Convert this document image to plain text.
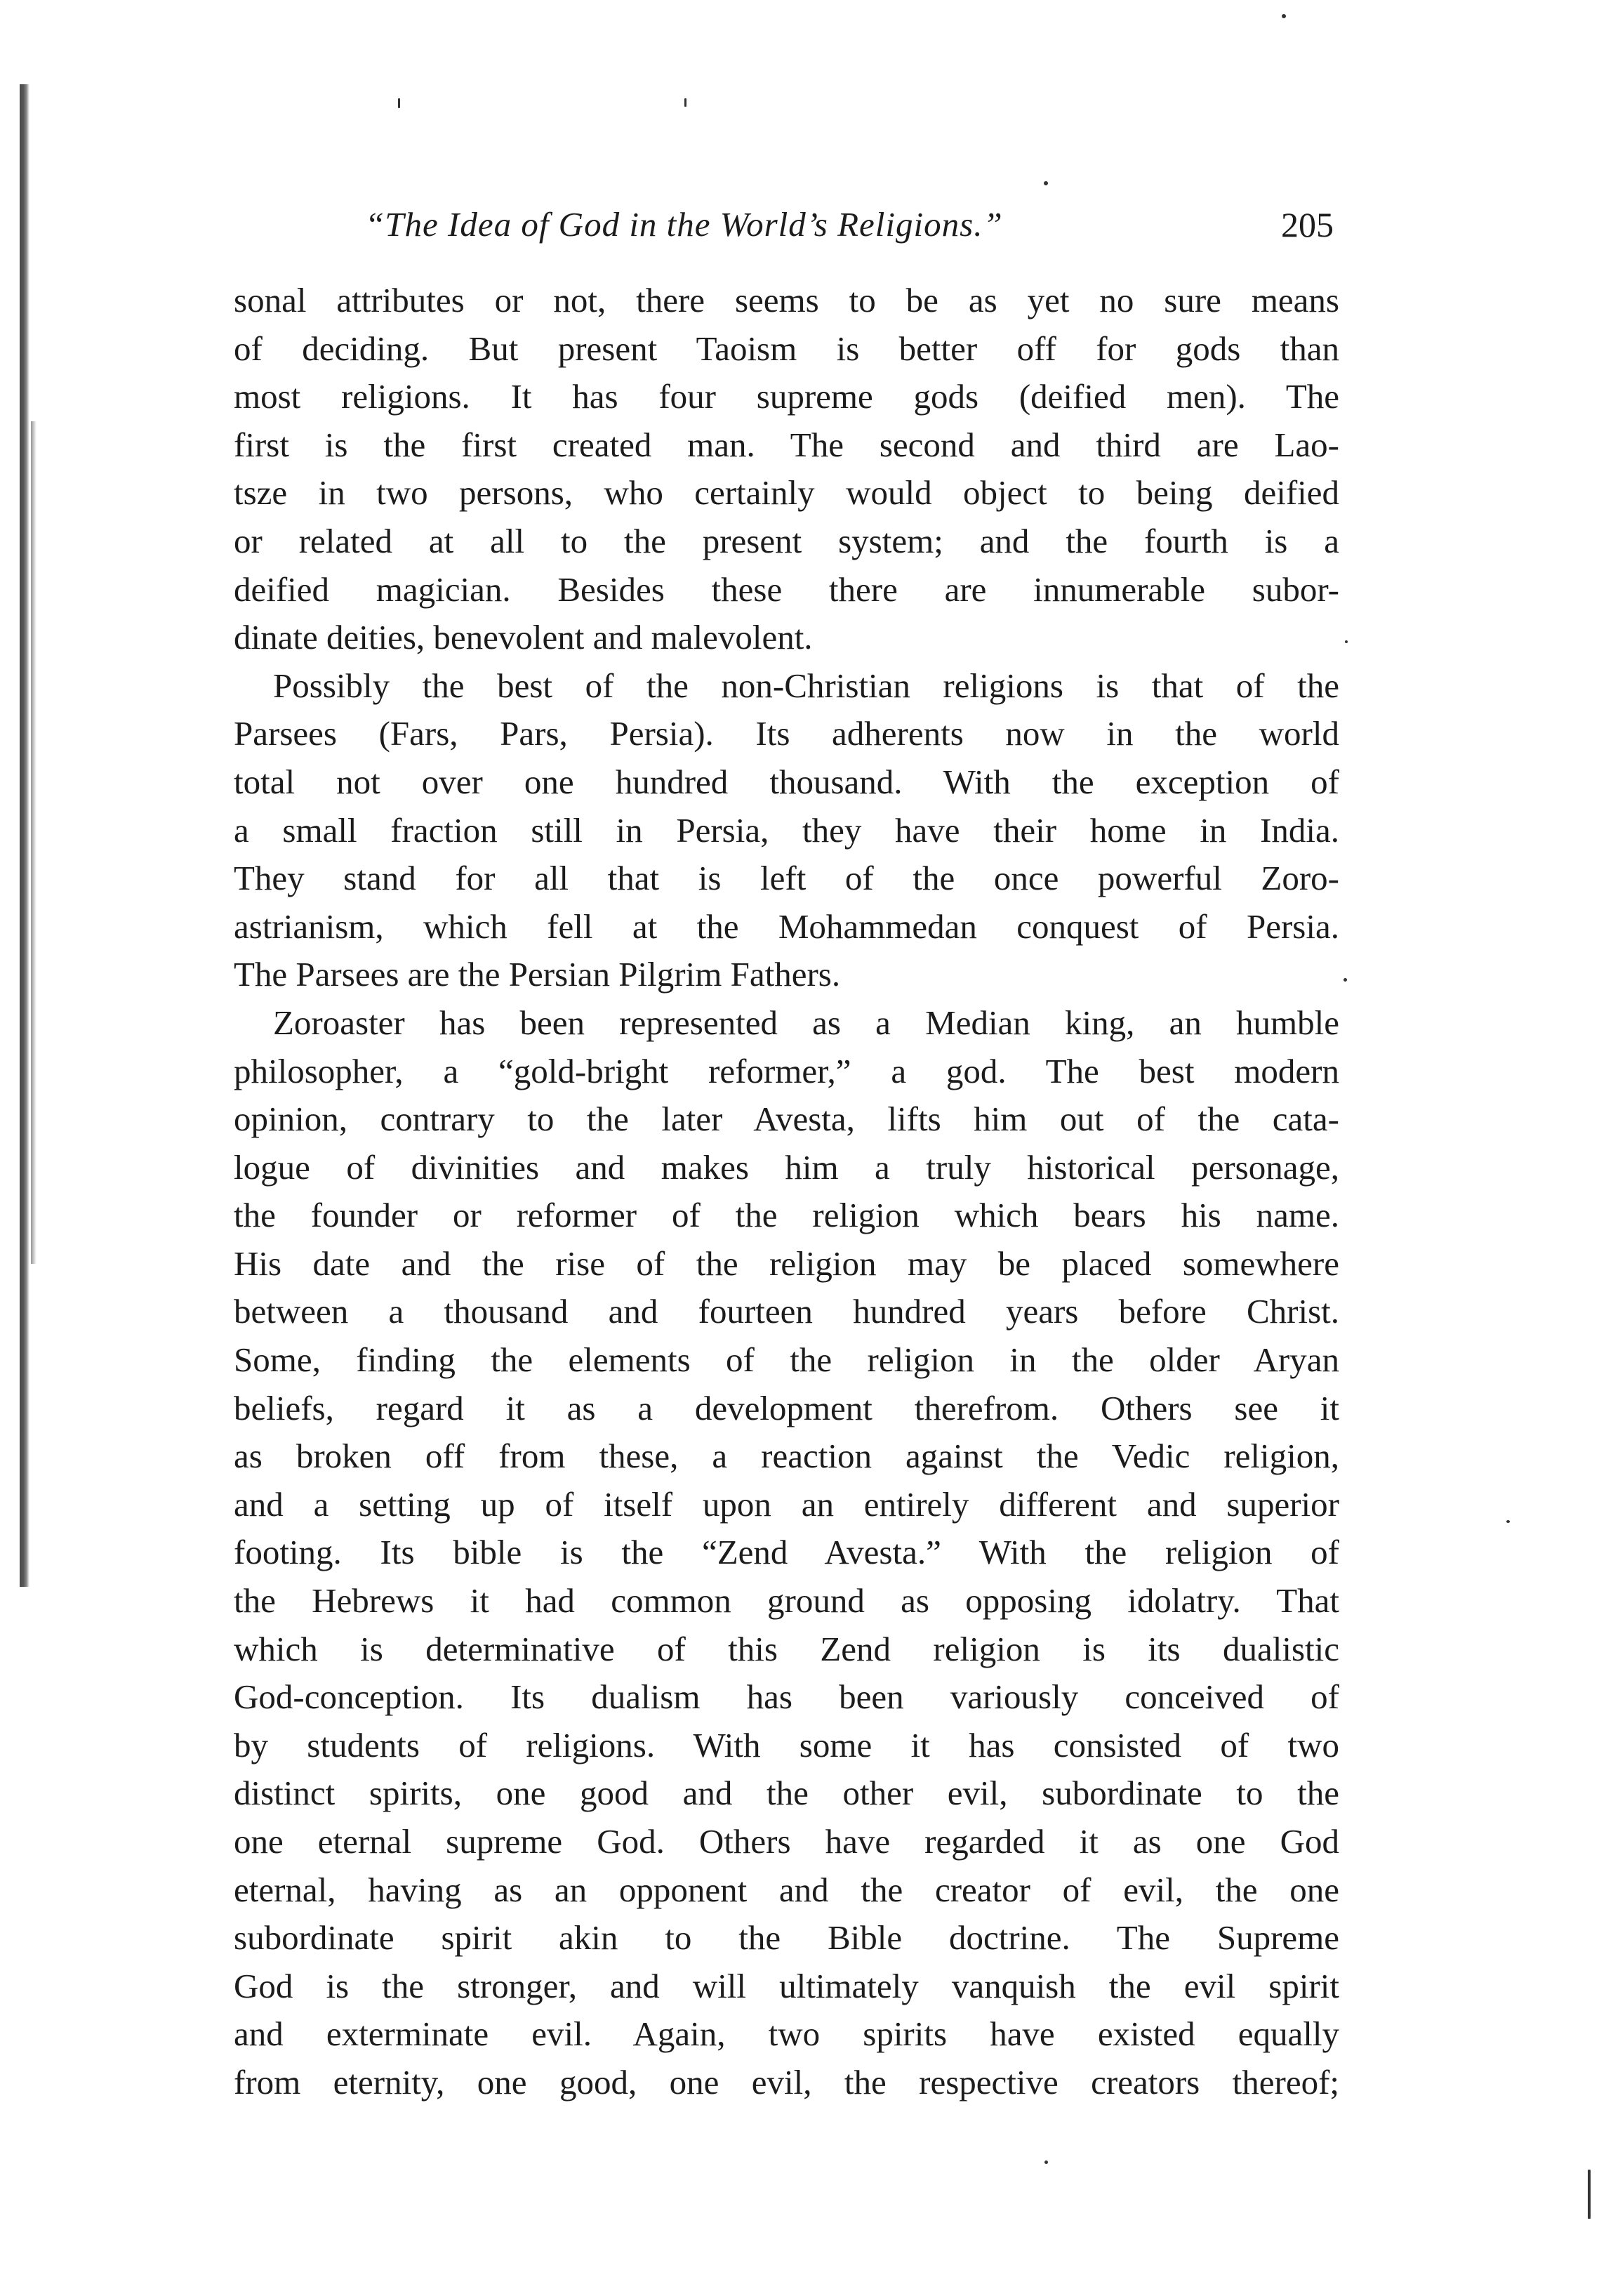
“The Idea of God in the World’s Religions.”	205
sonal attributes or not, there seems to be as yet no sure means
of deciding. But present Taoism is better off for gods than
most religions. It has four supreme gods (deified men). The
first is the first created man. The second and third are Lao-
tsze in two persons, who certainly would object to being deified
or related at all to the present system; and the fourth is a
deified magician. Besides these there are innumerable subor-
dinate deities, benevolent and malevolent.
Possibly the best of the non-Christian religions is that of the
Parsees (Fars, Pars, Persia). Its adherents now in the world
total not over one hundred thousand. With the exception of
a small fraction still in Persia, they have their home in India.
They stand for all that is left of the once powerful Zoro-
astrianism, which fell at the Mohammedan conquest of Persia.
The Parsees are the Persian Pilgrim Fathers.
Zoroaster has been represented as a Median king, an humble
philosopher, a “gold-bright reformer,” a god. The best modern
opinion, contrary to the later Avesta, lifts him out of the cata-
logue of divinities and makes him a truly historical personage,
the founder or reformer of the religion which bears his name.
His date and the rise of the religion may be placed somewhere
between a thousand and fourteen hundred years before Christ.
Some, finding the elements of the religion in the older Aryan
beliefs, regard it as a development therefrom. Others see it
as broken off from these, a reaction against the Vedic religion,
and a setting up of itself upon an entirely different and superior
footing. Its bible is the “Zend Avesta.” With the religion of
the Hebrews it had common ground as opposing idolatry. That
which is determinative of this Zend religion is its dualistic
God-conception. Its dualism has been variously conceived of
by students of religions. With some it has consisted of two
distinct spirits, one good and the other evil, subordinate to the
one eternal supreme God. Others have regarded it as one God
eternal, having as an opponent and the creator of evil, the one
subordinate spirit akin to the Bible doctrine. The Supreme
God is the stronger, and will ultimately vanquish the evil spirit
and exterminate evil. Again, two spirits have existed equally
from eternity, one good, one evil, the respective creators thereof;
